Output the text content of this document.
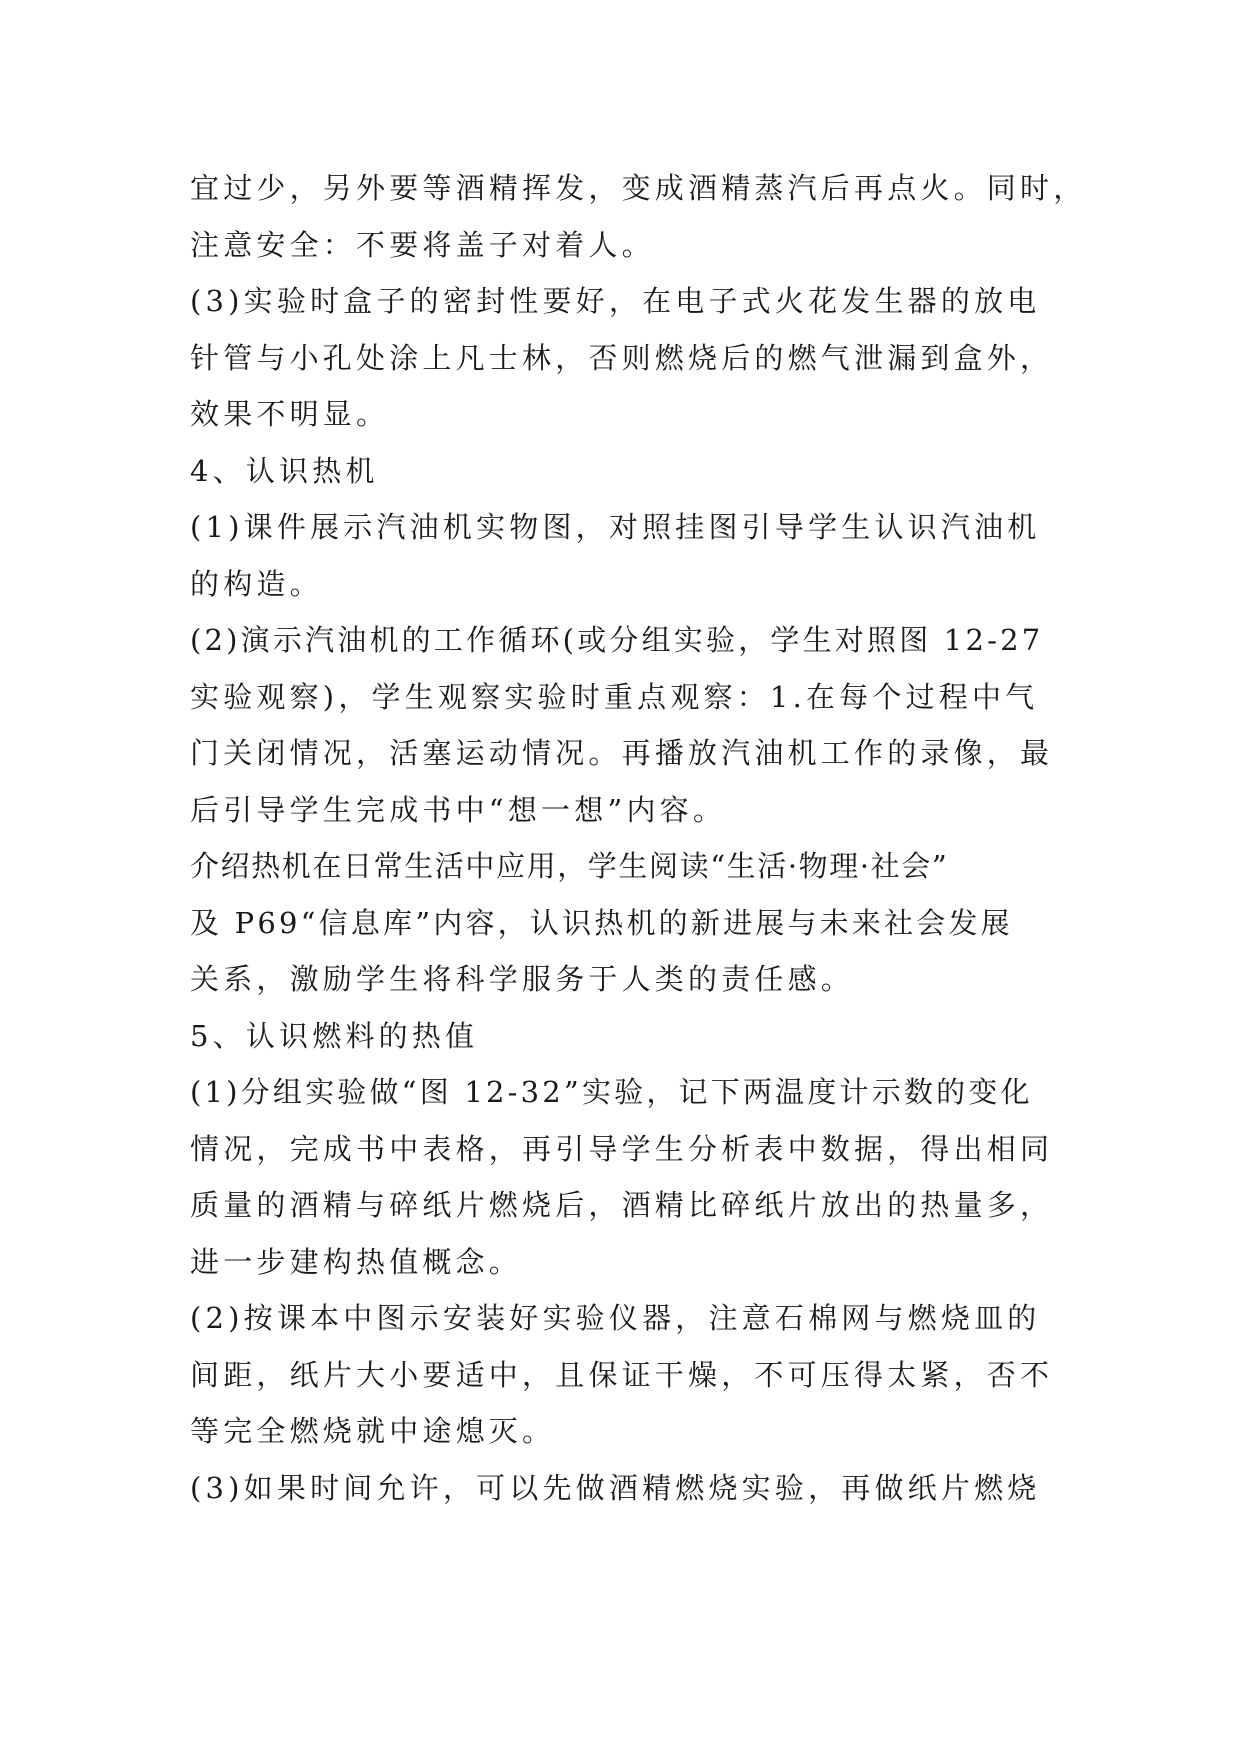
宜过少，另外要等酒精挥发，变成酒精蒸汽后再点火。同时，
注意安全：不要将盖子对着人。
(3)实验时盒子的密封性要好，在电子式火花发生器的放电
针管与小孔处涂上凡士林，否则燃烧后的燃气泄漏到盒外，
效果不明显。
4、认识热机
(1)课件展示汽油机实物图，对照挂图引导学生认识汽油机
的构造。
(2)演示汽油机的工作循环(或分组实验，学生对照图 12-27
实验观察)，学生观察实验时重点观察：1.在每个过程中气
门关闭情况，活塞运动情况。再播放汽油机工作的录像，最
后引导学生完成书中“想一想”内容。
介绍热机在日常生活中应用，学生阅读“生活·物理·社会”
及 P69“信息库”内容，认识热机的新进展与未来社会发展
关系，激励学生将科学服务于人类的责任感。
5、认识燃料的热值
(1)分组实验做“图 12-32”实验，记下两温度计示数的变化
情况，完成书中表格，再引导学生分析表中数据，得出相同
质量的酒精与碎纸片燃烧后，酒精比碎纸片放出的热量多，
进一步建构热值概念。
(2)按课本中图示安装好实验仪器，注意石棉网与燃烧皿的
间距，纸片大小要适中，且保证干燥，不可压得太紧，否不
等完全燃烧就中途熄灭。
(3)如果时间允许，可以先做酒精燃烧实验，再做纸片燃烧
